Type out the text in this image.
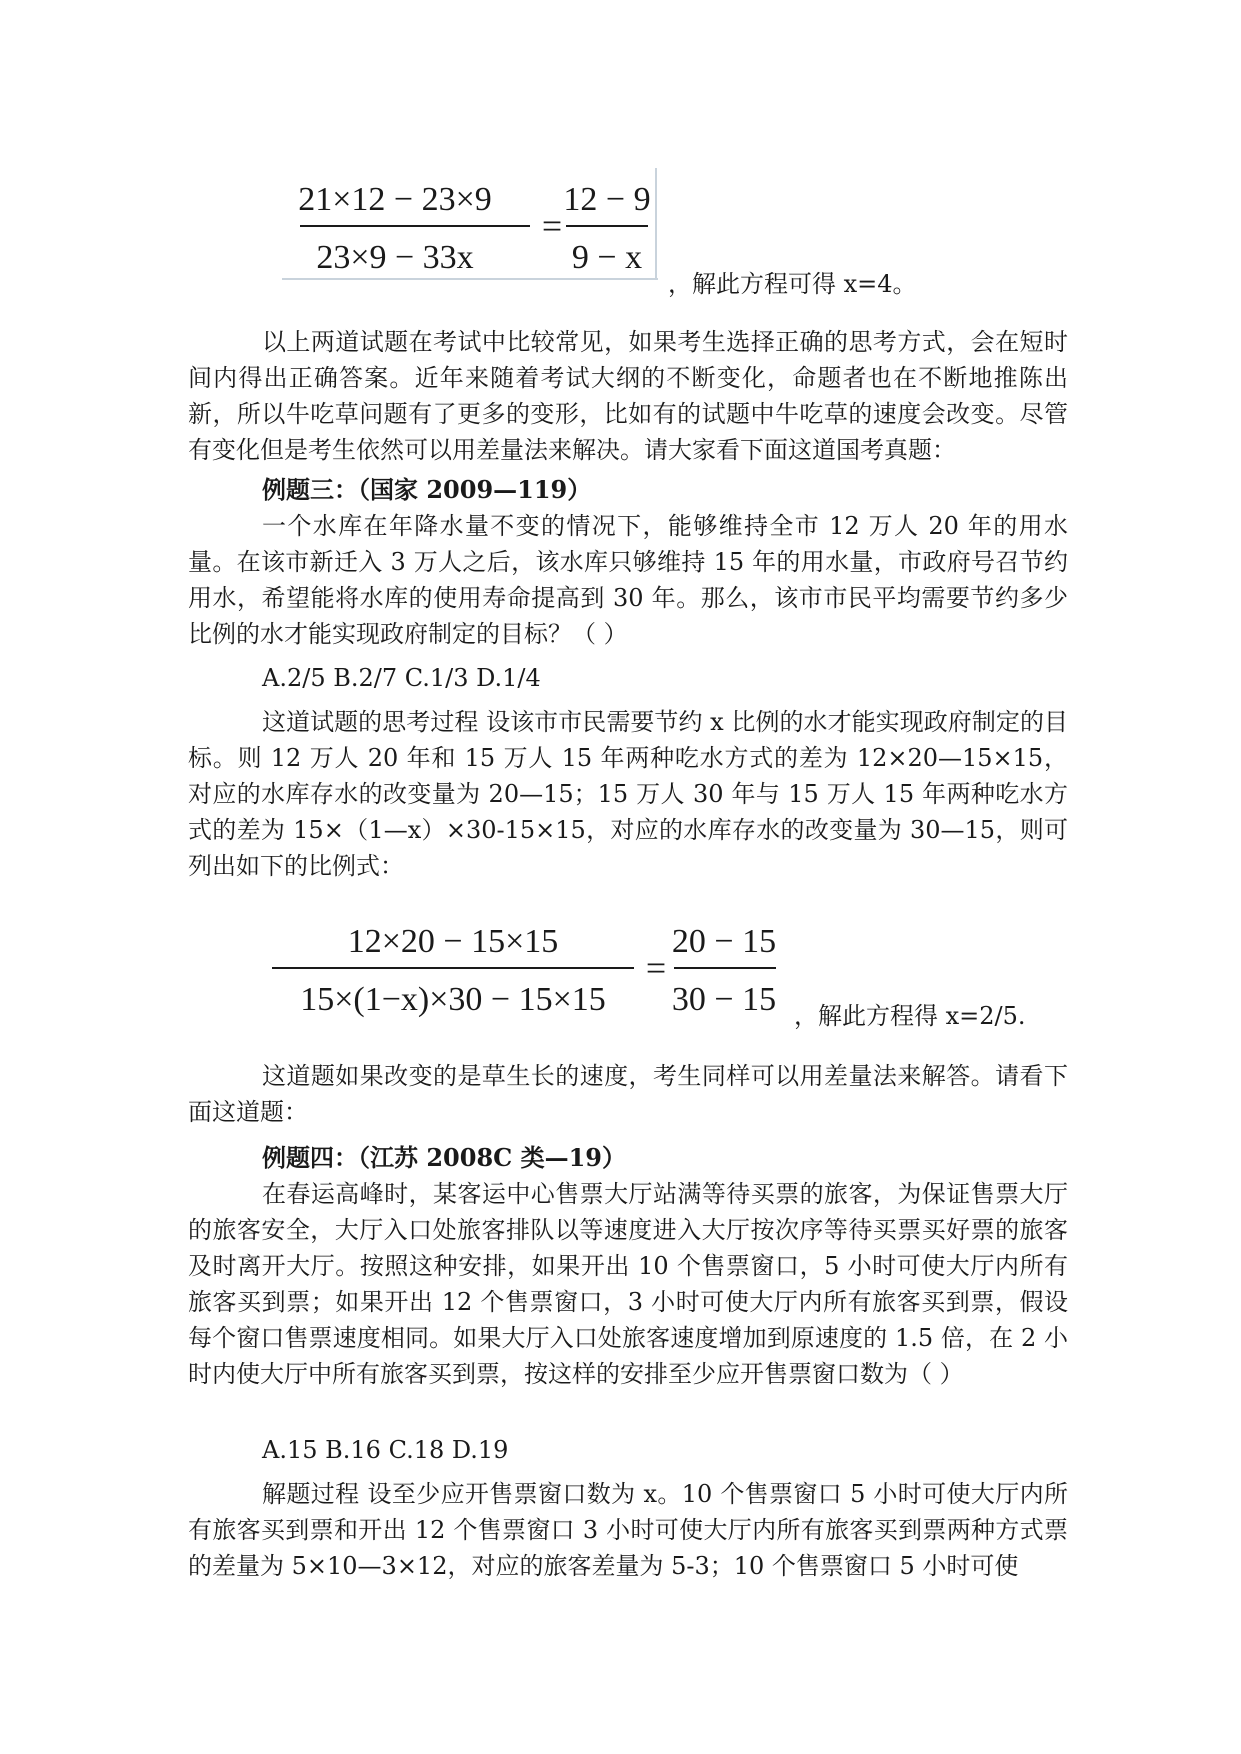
21×12 − 23×9
23×9 − 33x
=
12 − 9
9 − x
，解此方程可得 x=4。

以上两道试题在考试中比较常见，如果考生选择正确的思考方式，会在短时间内得出正确答案。近年来随着考试大纲的不断变化，命题者也在不断地推陈出新，所以牛吃草问题有了更多的变形，比如有的试题中牛吃草的速度会改变。尽管有变化但是考生依然可以用差量法来解决。请大家看下面这道国考真题：

例题三：（国家 2009—119）

一个水库在年降水量不变的情况下，能够维持全市 12 万人 20 年的用水量。在该市新迁入 3 万人之后，该水库只够维持 15 年的用水量，市政府号召节约用水，希望能将水库的使用寿命提高到 30 年。那么，该市市民平均需要节约多少比例的水才能实现政府制定的目标？（ ）

A.2/5 B.2/7 C.1/3 D.1/4

这道试题的思考过程 设该市市民需要节约 x 比例的水才能实现政府制定的目标。则 12 万人 20 年和 15 万人 15 年两种吃水方式的差为 12×20—15×15，对应的水库存水的改变量为 20—15；15 万人 30 年与 15 万人 15 年两种吃水方式的差为 15×（1—x）×30-15×15，对应的水库存水的改变量为 30—15，则可列出如下的比例式：

12×20 − 15×15
15×(1−x)×30 − 15×15
=
20 − 15
30 − 15 ，解此方程得 x=2/5.

这道题如果改变的是草生长的速度，考生同样可以用差量法来解答。请看下面这道题：

例题四：（江苏 2008C 类—19）

在春运高峰时，某客运中心售票大厅站满等待买票的旅客，为保证售票大厅的旅客安全，大厅入口处旅客排队以等速度进入大厅按次序等待买票买好票的旅客及时离开大厅。按照这种安排，如果开出 10 个售票窗口，5 小时可使大厅内所有旅客买到票；如果开出 12 个售票窗口，3 小时可使大厅内所有旅客买到票，假设每个窗口售票速度相同。如果大厅入口处旅客速度增加到原速度的 1.5 倍，在 2 小时内使大厅中所有旅客买到票，按这样的安排至少应开售票窗口数为（ ）

A.15 B.16 C.18 D.19

解题过程 设至少应开售票窗口数为 x。10 个售票窗口 5 小时可使大厅内所有旅客买到票和开出 12 个售票窗口 3 小时可使大厅内所有旅客买到票两种方式票的差量为 5×10—3×12，对应的旅客差量为 5-3；10 个售票窗口 5 小时可使
